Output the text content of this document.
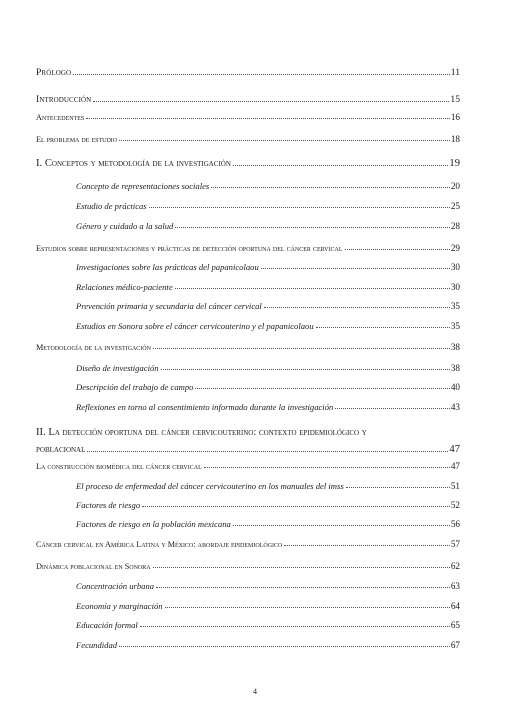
Prólogo	11
Introducción	15
Antecedentes	16
El problema de estudio	18
I. Conceptos y metodología de la investigación	19
Concepto de representaciones sociales	20
Estudio de prácticas	25
Género y cuidado a la salud	28
Estudios sobre representaciones y prácticas de detección oportuna del cáncer cervical	29
Investigaciones sobre las prácticas del papanicolaou	30
Relaciones médico-paciente	30
Prevención primaria y secundaria del cáncer cervical	35
Estudios en Sonora sobre el cáncer cervicouterino y el papanicolaou	35
Metodología de la investigación	38
Diseño de investigación	38
Descripción del trabajo de campo	40
Reflexiones en torno al consentimiento informado durante la investigación	43
II. La detección oportuna del cáncer cervicouterino: contexto epidemiológico y
poblacional	47
La construcción biomédica del cáncer cervical	47
El proceso de enfermedad del cáncer cervicouterino en los manuales del imss	51
Factores de riesgo	52
Factores de riesgo en la población mexicana	56
Cáncer cervical en América Latina y México: abordaje epidemiológico	57
Dinámica poblacional en Sonora	62
Concentración urbana	63
Economía y marginación	64
Educación formal	65
Fecundidad	67
4
